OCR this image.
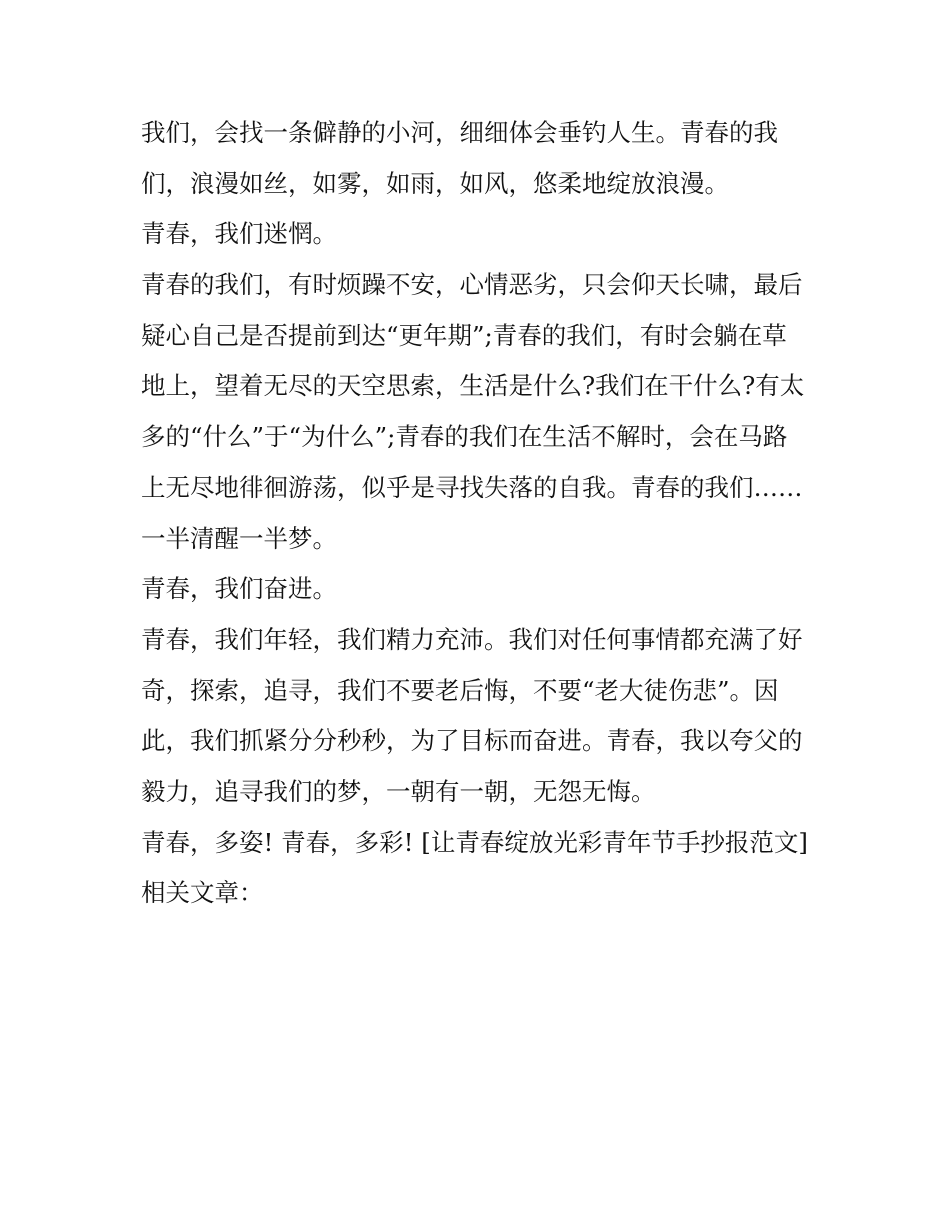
我们，会找一条僻静的小河，细细体会垂钓人生。青春的我
们，浪漫如丝，如雾，如雨，如风，悠柔地绽放浪漫。
青春，我们迷惘。
青春的我们，有时烦躁不安，心情恶劣，只会仰天长啸，最后
疑心自己是否提前到达“更年期”;青春的我们，有时会躺在草
地上，望着无尽的天空思索，生活是什么?我们在干什么?有太
多的“什么”于“为什么”;青春的我们在生活不解时，会在马路
上无尽地徘徊游荡，似乎是寻找失落的自我。青春的我们……
一半清醒一半梦。
青春，我们奋进。
青春，我们年轻，我们精力充沛。我们对任何事情都充满了好
奇，探索，追寻，我们不要老后悔，不要“老大徒伤悲”。因
此，我们抓紧分分秒秒，为了目标而奋进。青春，我以夸父的
毅力，追寻我们的梦，一朝有一朝，无怨无悔。
青春，多姿! 青春，多彩! [让青春绽放光彩青年节手抄报范文]
相关文章：
